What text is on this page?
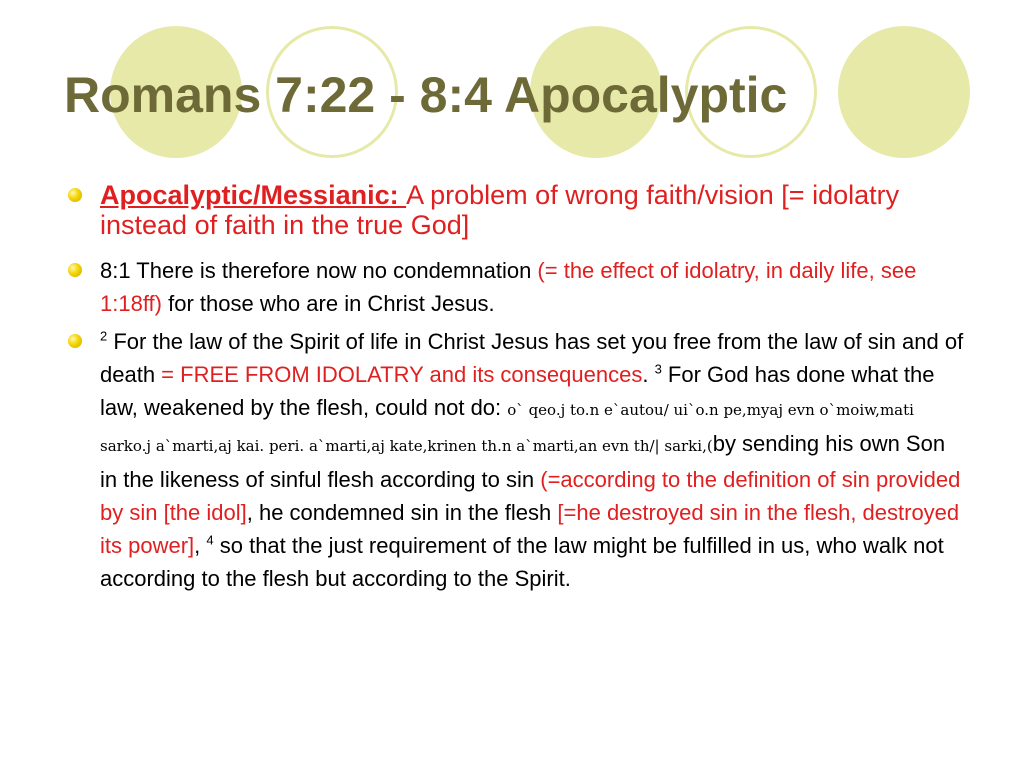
Romans 7:22 - 8:4 Apocalyptic
Apocalyptic/Messianic: A problem of wrong faith/vision [= idolatry instead of faith in the true God]
8:1 There is therefore now no condemnation (= the effect of idolatry, in daily life, see 1:18ff) for those who are in Christ Jesus.
$^2$ For the law of the Spirit of life in Christ Jesus has set you free from the law of sin and of death = FREE FROM IDOLATRY and its consequences. $^3$ For God has done what the law, weakened by the flesh, could not do: o` qeo.j to.n e`autou/ ui`o.n pe,myaj evn o`moiw,mati sarko.j a`marti,aj kai. peri. a`marti,aj kate,krinen th.n a`marti,an evn th/| sarki,(by sending his own Son in the likeness of sinful flesh according to sin (=according to the definition of sin provided by sin [the idol], he condemned sin in the flesh [=he destroyed sin in the flesh, destroyed its power], $^4$ so that the just requirement of the law might be fulfilled in us, who walk not according to the flesh but according to the Spirit.
